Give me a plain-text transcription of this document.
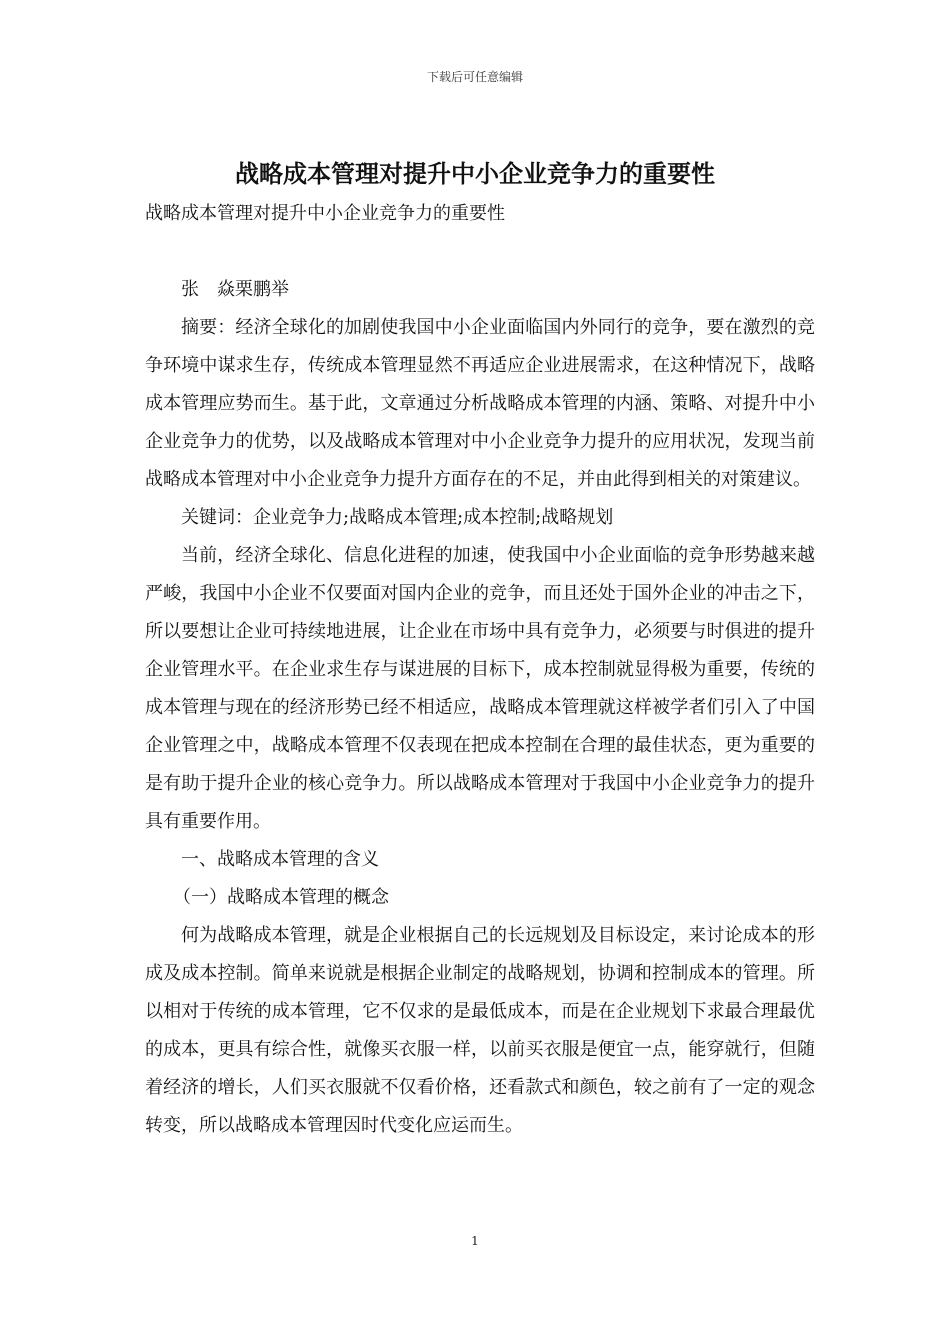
下载后可任意编辑
战略成本管理对提升中小企业竞争力的重要性

战略成本管理对提升中小企业竞争力的重要性

张 焱栗鹏举

摘要：经济全球化的加剧使我国中小企业面临国内外同行的竞争，要在激烈的竞争环境中谋求生存，传统成本管理显然不再适应企业进展需求，在这种情况下，战略成本管理应势而生。基于此，文章通过分析战略成本管理的内涵、策略、对提升中小企业竞争力的优势，以及战略成本管理对中小企业竞争力提升的应用状况，发现当前战略成本管理对中小企业竞争力提升方面存在的不足，并由此得到相关的对策建议。

关键词：企业竞争力;战略成本管理;成本控制;战略规划

当前，经济全球化、信息化进程的加速，使我国中小企业面临的竞争形势越来越严峻，我国中小企业不仅要面对国内企业的竞争，而且还处于国外企业的冲击之下，所以要想让企业可持续地进展，让企业在市场中具有竞争力，必须要与时俱进的提升企业管理水平。在企业求生存与谋进展的目标下，成本控制就显得极为重要，传统的成本管理与现在的经济形势已经不相适应，战略成本管理就这样被学者们引入了中国企业管理之中，战略成本管理不仅表现在把成本控制在合理的最佳状态，更为重要的是有助于提升企业的核心竞争力。所以战略成本管理对于我国中小企业竞争力的提升具有重要作用。

一、战略成本管理的含义

（一）战略成本管理的概念

何为战略成本管理，就是企业根据自己的长远规划及目标设定，来讨论成本的形成及成本控制。简单来说就是根据企业制定的战略规划，协调和控制成本的管理。所以相对于传统的成本管理，它不仅求的是最低成本，而是在企业规划下求最合理最优的成本，更具有综合性，就像买衣服一样，以前买衣服是便宜一点，能穿就行，但随着经济的增长，人们买衣服就不仅看价格，还看款式和颜色，较之前有了一定的观念转变，所以战略成本管理因时代变化应运而生。

1
